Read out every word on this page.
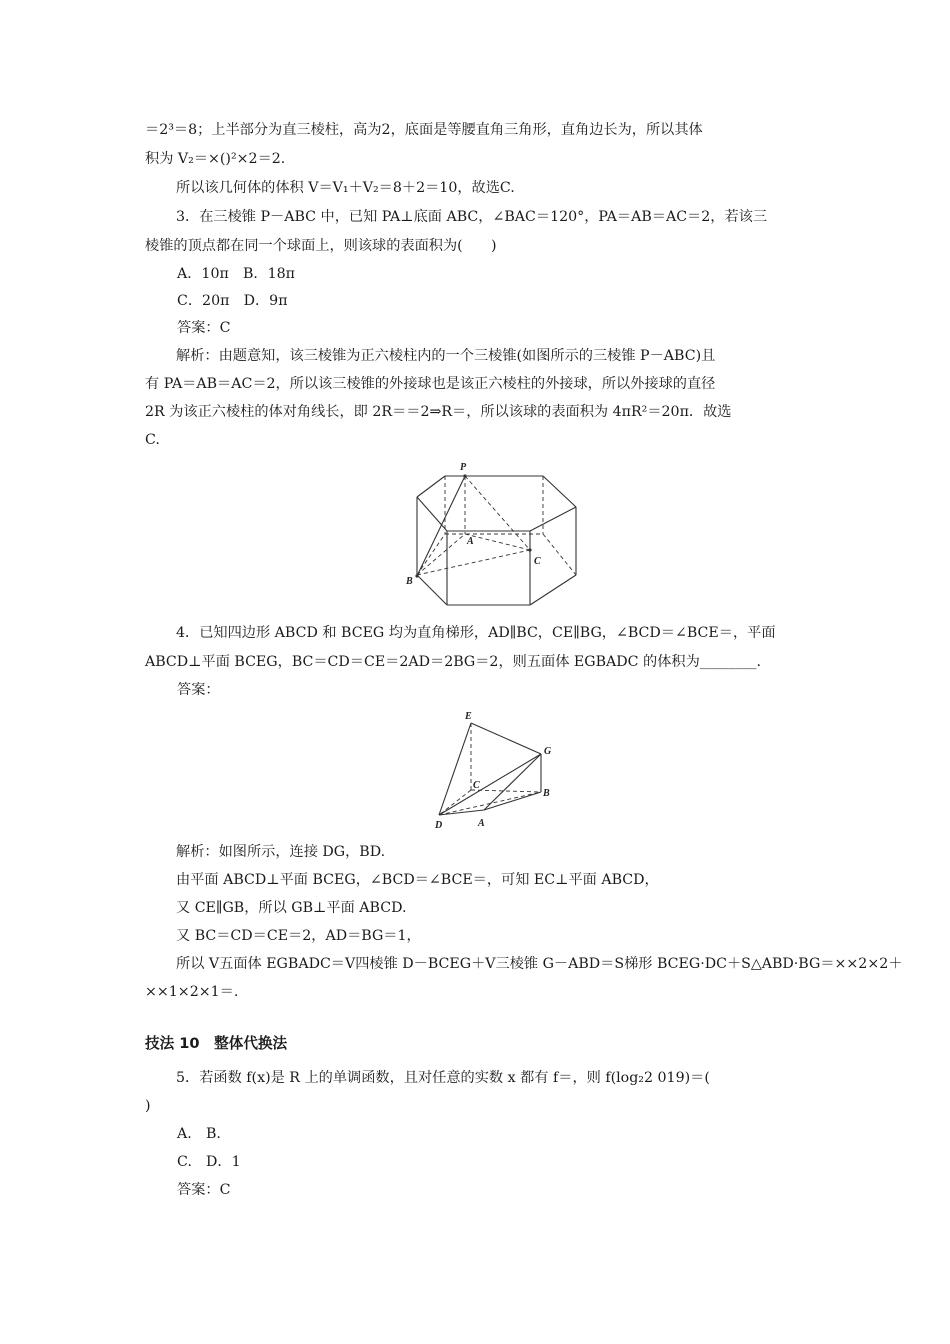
＝2³＝8；上半部分为直三棱柱，高为2，底面是等腰直角三角形，直角边长为，所以其体
积为 V₂＝×()²×2＝2.
所以该几何体的体积 V＝V₁＋V₂＝8＋2＝10，故选C.
3．在三棱锥 P－ABC 中，已知 PA⊥底面 ABC，∠BAC＝120°，PA＝AB＝AC＝2，若该三
棱锥的顶点都在同一个球面上，则该球的表面积为(　　)
A．10π　B．18π
C．20π　D．9π
答案：C
解析：由题意知，该三棱锥为正六棱柱内的一个三棱锥(如图所示的三棱锥 P－ABC)且
有 PA＝AB＝AC＝2，所以该三棱锥的外接球也是该正六棱柱的外接球，所以外接球的直径
2R 为该正六棱柱的体对角线长，即 2R＝＝2⇒R＝，所以该球的表面积为 4πR²＝20π．故选
C.
P
A
B
C
4．已知四边形 ABCD 和 BCEG 均为直角梯形，AD∥BC，CE∥BG，∠BCD＝∠BCE＝，平面
ABCD⊥平面 BCEG，BC＝CD＝CE＝2AD＝2BG＝2，则五面体 EGBADC 的体积为________.
答案：
E
G
C
B
D	A
解析：如图所示，连接 DG，BD.
由平面 ABCD⊥平面 BCEG，∠BCD＝∠BCE＝，可知 EC⊥平面 ABCD，
又 CE∥GB，所以 GB⊥平面 ABCD.
又 BC＝CD＝CE＝2，AD＝BG＝1，
所以 V五面体 EGBADC＝V四棱锥 D－BCEG＋V三棱锥 G－ABD＝S梯形 BCEG·DC＋S△ABD·BG＝××2×2＋
××1×2×1＝.
技法 10　整体代换法
5．若函数 f(x)是 R 上的单调函数，且对任意的实数 x 都有 f＝，则 f(log₂2 019)＝(
)
A.　B.
C.　D．1
答案：C
